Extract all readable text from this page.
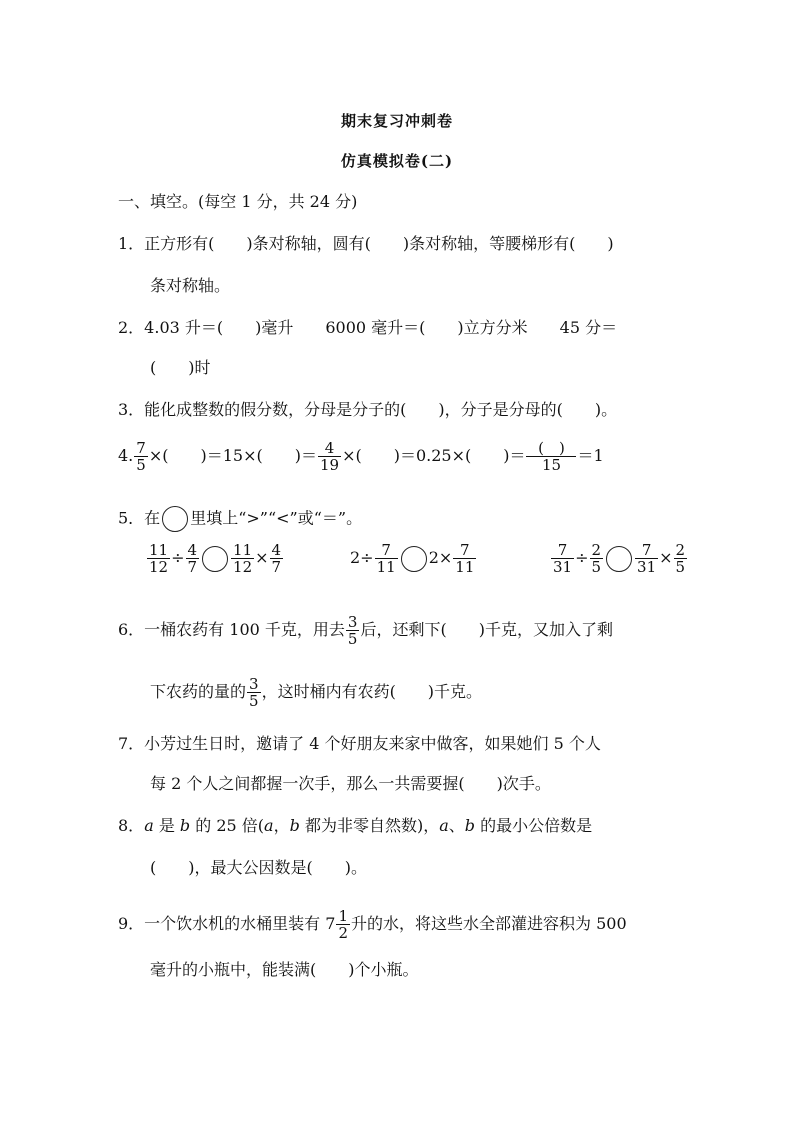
期末复习冲刺卷
仿真模拟卷(二)
一、填空。(每空 1 分，共 24 分)
1．正方形有(　　)条对称轴，圆有(　　)条对称轴，等腰梯形有(　　)
条对称轴。
2．4.03 升＝(　　)毫升　　6000 毫升＝(　　)立方分米　　45 分＝
(　　)时
3．能化成整数的假分数，分母是分子的(　　)，分子是分母的(　　)。
4. $\frac{7}{5}$ ×(　　)＝15×(　　)＝ $\frac{4}{19}$ ×(　　)＝0.25×(　　)＝ $\frac{( )}{15} =1$
5．在 里填上“>”“<”或“＝”。
$\frac{11}{12} \div \frac{4}{7} \frac{11}{12} \times \frac{4}{7}$	$2\div \frac{7}{11} 2\times \frac{7}{11}$	$\frac{7}{31} \div \frac{2}{5} \frac{7}{31} \times \frac{2}{5}$
6．一桶农药有 100 千克，用去 $\frac{3}{5}$ 后，还剩下(　　)千克，又加入了剩
下农药的量的 $\frac{3}{5}$ ，这时桶内有农药(　　)千克。
7．小芳过生日时，邀请了 4 个好朋友来家中做客，如果她们 5 个人
每 2 个人之间都握一次手，那么一共需要握(　　)次手。
8．a 是 b 的 25 倍(a，b 都为非零自然数)，a、b 的最小公倍数是
(　　)，最大公因数是(　　)。
9．一个饮水机的水桶里装有 $7 \frac{1}{2}$ 升的水，将这些水全部灌进容积为 500
毫升的小瓶中，能装满(　　)个小瓶。
